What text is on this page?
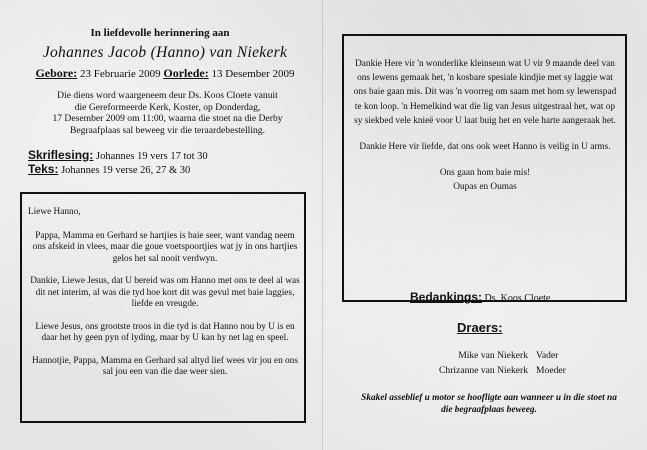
In liefdevolle herinnering aan
Johannes Jacob (Hanno) van Niekerk
Gebore: 23 Februarie 2009 Oorlede: 13 Desember 2009
Die diens word waargeneem deur Ds. Koos Cloete vanuit
die Gereformeerde Kerk, Koster, op Donderdag,
17 Desember 2009 om 11:00, waarna die stoet na die Derby
Begraafplaas sal beweeg vir die teraardebestelling.
Skriflesing: Johannes 19 vers 17 tot 30
Teks: Johannes 19 verse 26, 27 & 30
Liewe Hanno,

Pappa, Mamma en Gerhard se hartjies is baie seer, want vandag neem ons afskeid in vlees, maar die goue voetspoortjies wat jy in ons hartjies gelos het sal nooit verdwyn.

Dankie, Liewe Jesus, dat U bereid was om Hanno met ons te deel al was dit net interim, al was die tyd hoe kort dit was gevul met baie laggies, liefde en vreugde.

Liewe Jesus, ons grootste troos in die tyd is dat Hanno nou by U is en daar het hy geen pyn of lyding, maar by U kan hy net lag en speel.

Hannotjie, Pappa, Mamma en Gerhard sal altyd lief wees vir jou en ons sal jou een van die dae weer sien.

Dankie Here vir 'n wonderlike kleinseun wat U vir 9 maande deel van ons lewens gemaak het, 'n kosbare spesiale kindjie met sy laggie wat ons baie gaan mis. Dit was 'n voorreg om saam met hom sy lewenspad te kon loop. 'n Hemelkind wat die lig van Jesus uitgestraal het, wat op sy siekbed vele knieë voor U laat buig het en vele harte aangeraak het.

Dankie Here vir liefde, dat ons ook weet Hanno is veilig in U arms.

Ons gaan hom baie mis!
Oupas en Oumas
Bedankings: Ds. Koos Cloete
Draers:
Mike van Niekerk Vader
Chrizanne van Niekerk Moeder
Skakel asseblief u motor se hoofligte aan wanneer u in die stoet na die begraafplaas beweeg.
